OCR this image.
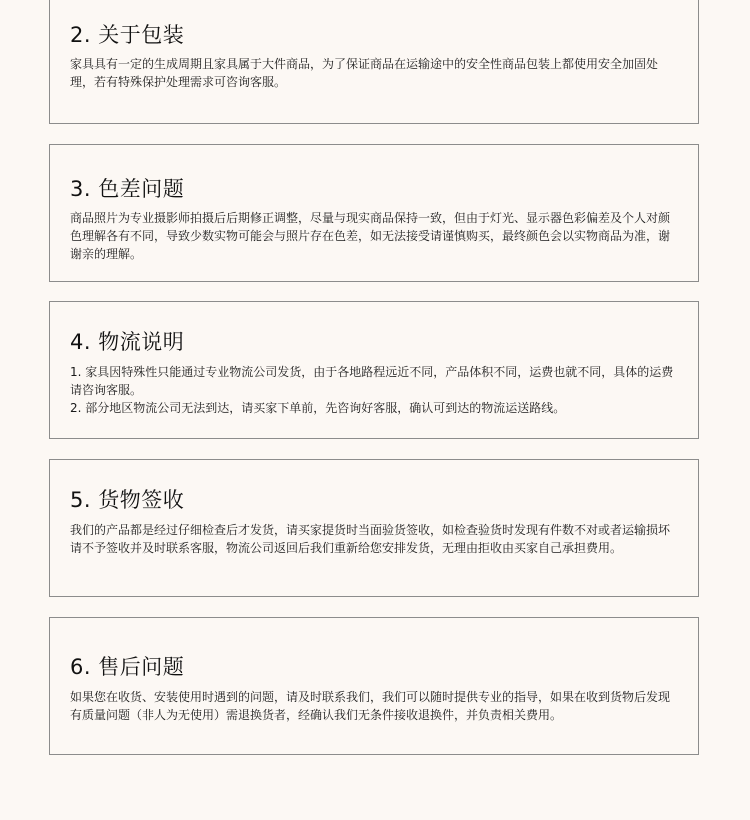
2. 关于包装

家具具有一定的生成周期且家具属于大件商品，为了保证商品在运输途中的安全性商品包装上都使用安全加固处理，若有特殊保护处理需求可咨询客服。

3. 色差问题

商品照片为专业摄影师拍摄后后期修正调整，尽量与现实商品保持一致，但由于灯光、显示器色彩偏差及个人对颜色理解各有不同，导致少数实物可能会与照片存在色差，如无法接受请谨慎购买，最终颜色会以实物商品为准，谢谢亲的理解。

4. 物流说明

1. 家具因特殊性只能通过专业物流公司发货，由于各地路程远近不同，产品体积不同，运费也就不同，具体的运费请咨询客服。

2. 部分地区物流公司无法到达，请买家下单前，先咨询好客服，确认可到达的物流运送路线。

5. 货物签收

我们的产品都是经过仔细检查后才发货，请买家提货时当面验货签收，如检查验货时发现有件数不对或者运输损坏请不予签收并及时联系客服，物流公司返回后我们重新给您安排发货，无理由拒收由买家自己承担费用。

6. 售后问题

如果您在收货、安装使用时遇到的问题，请及时联系我们，我们可以随时提供专业的指导，如果在收到货物后发现有质量问题（非人为无使用）需退换货者，经确认我们无条件接收退换件，并负责相关费用。
